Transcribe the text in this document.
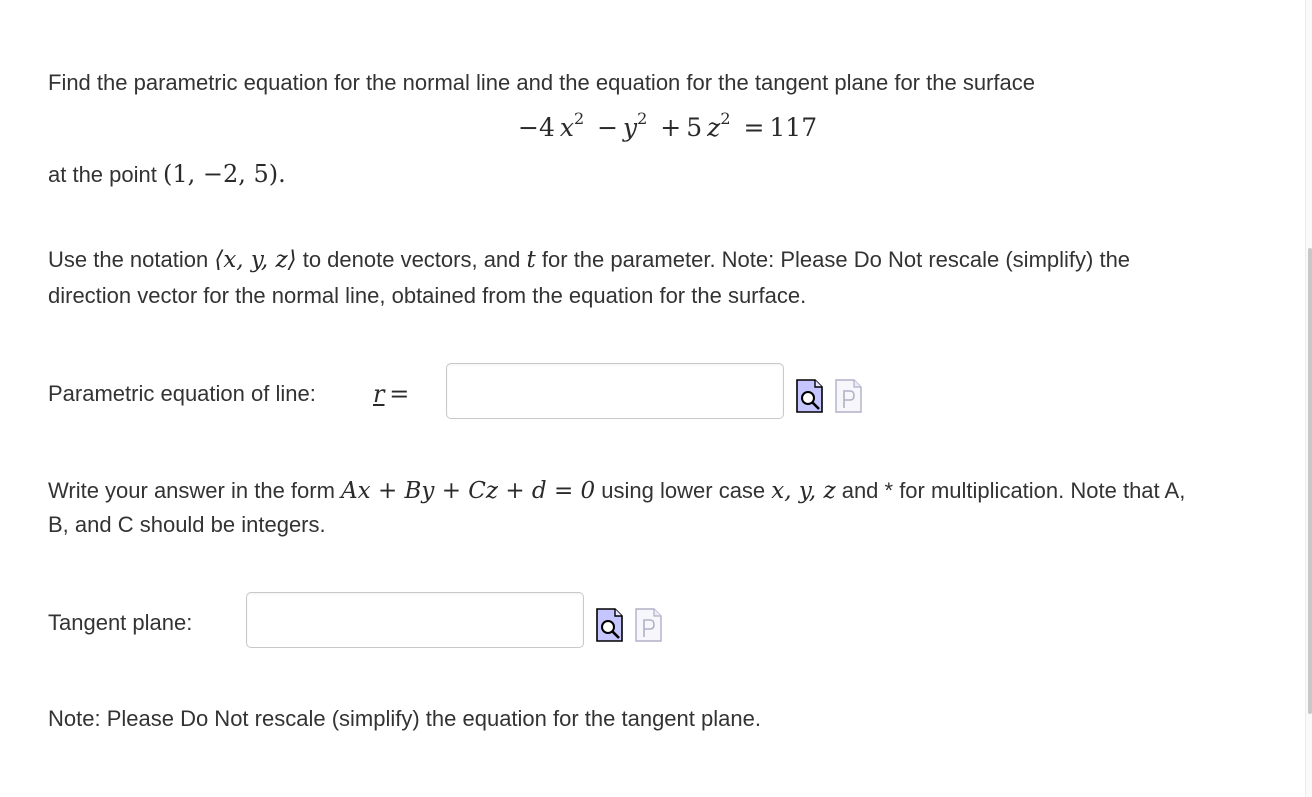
Find the parametric equation for the normal line and the equation for the tangent plane for the surface
−4  $x^2 - y^2 + 5$  $z^2 = 117$
at the point (1, −2, 5).
Use the notation ⟨x, y, z⟩ to denote vectors, and t for the parameter. Note: Please Do Not rescale (simplify) the
direction vector for the normal line, obtained from the equation for the surface.
Parametric equation of line: r  =
Write your answer in the form Ax + By + Cz + d = 0 using lower case x, y, z and * for multiplication. Note that A,
B, and C should be integers.
Tangent plane:
Note: Please Do Not rescale (simplify) the equation for the tangent plane.
